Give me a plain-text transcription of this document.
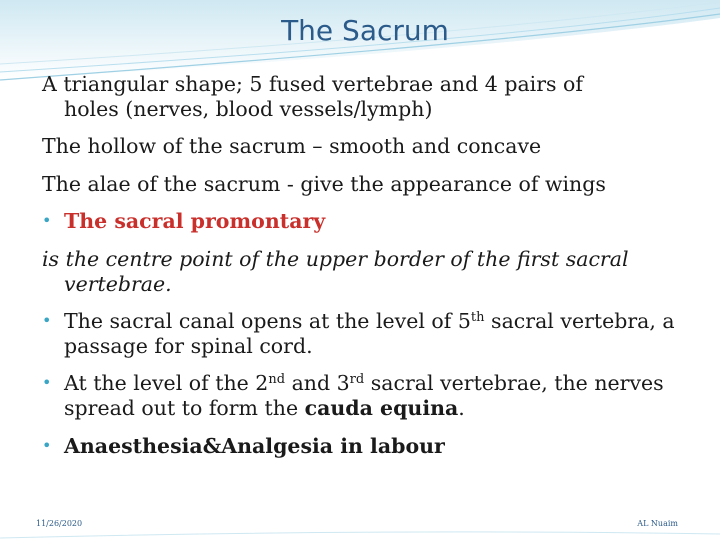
The Sacrum

A triangular shape; 5 fused vertebrae and 4 pairs of
holes (nerves, blood vessels/lymph)

The hollow of the sacrum – smooth and concave

The alae of the sacrum - give the appearance of wings

• The sacral promontary

is the centre point of the upper border of the first sacral vertebrae.

• The sacral canal opens at the level of 5th sacral vertebra, a passage for spinal cord.
• At the level of the 2nd and 3rd sacral vertebrae, the nerves spread out to form the cauda equina.
• Anaesthesia&Analgesia in labour
11/26/2020	AL Nuaim
